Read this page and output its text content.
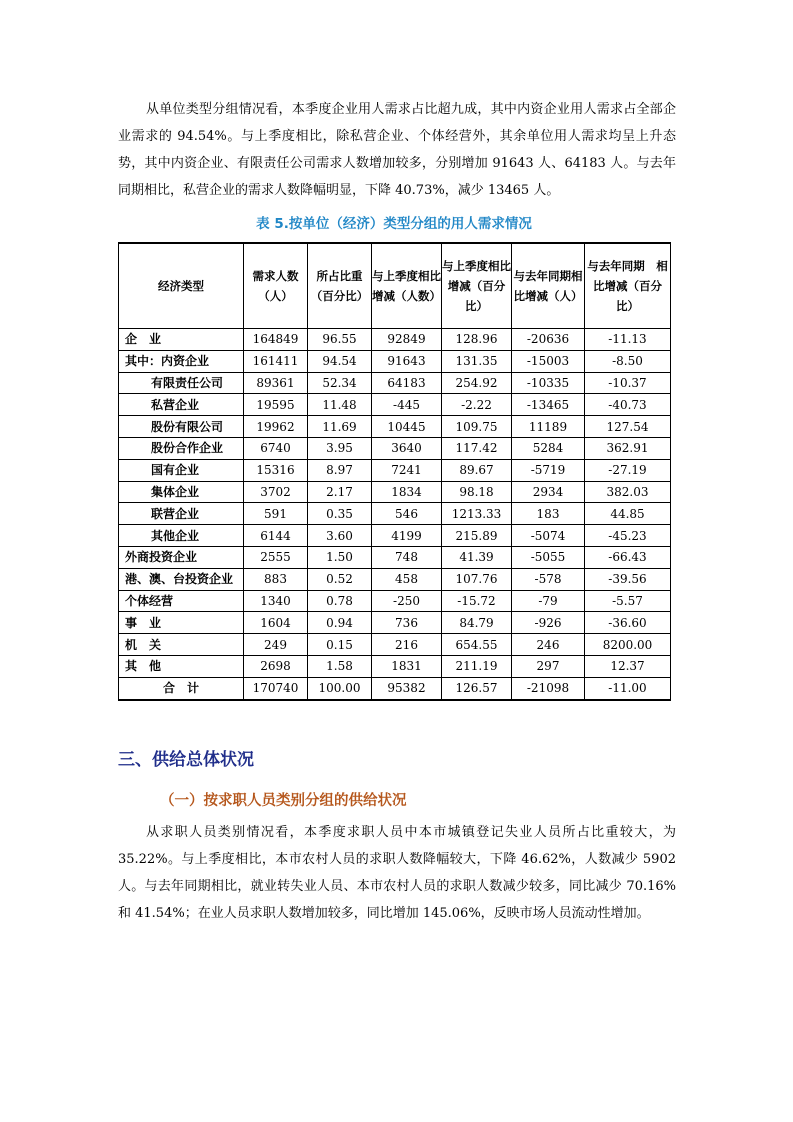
从单位类型分组情况看，本季度企业用人需求占比超九成，其中内资企业用人需求占全部企业需求的 94.54%。与上季度相比，除私营企业、个体经营外，其余单位用人需求均呈上升态势，其中内资企业、有限责任公司需求人数增加较多，分别增加 91643 人、64183 人。与去年同期相比，私营企业的需求人数降幅明显，下降 40.73%，减少 13465 人。

表 5.按单位（经济）类型分组的用人需求情况

经济类型	需求人数（人）	所占比重（百分比）	与上季度相比增减（人数）	与上季度相比增减（百分比）	与去年同期相比增减（人）	与去年同期　相比增减（百分比）
企　业	164849	96.55	92849	128.96	-20636	-11.13
其中：内资企业	161411	94.54	91643	131.35	-15003	-8.50
有限责任公司	89361	52.34	64183	254.92	-10335	-10.37
私营企业	19595	11.48	-445	-2.22	-13465	-40.73
股份有限公司	19962	11.69	10445	109.75	11189	127.54
股份合作企业	6740	3.95	3640	117.42	5284	362.91
国有企业	15316	8.97	7241	89.67	-5719	-27.19
集体企业	3702	2.17	1834	98.18	2934	382.03
联营企业	591	0.35	546	1213.33	183	44.85
其他企业	6144	3.60	4199	215.89	-5074	-45.23
外商投资企业	2555	1.50	748	41.39	-5055	-66.43
港、澳、台投资企业	883	0.52	458	107.76	-578	-39.56
个体经营	1340	0.78	-250	-15.72	-79	-5.57
事　业	1604	0.94	736	84.79	-926	-36.60
机　关	249	0.15	216	654.55	246	8200.00
其　他	2698	1.58	1831	211.19	297	12.37
合　计	170740	100.00	95382	126.57	-21098	-11.00
三、供给总体状况
（一）按求职人员类别分组的供给状况

从求职人员类别情况看，本季度求职人员中本市城镇登记失业人员所占比重较大，为 35.22%。与上季度相比，本市农村人员的求职人数降幅较大，下降 46.62%，人数减少 5902 人。与去年同期相比，就业转失业人员、本市农村人员的求职人数减少较多，同比减少 70.16%和 41.54%；在业人员求职人数增加较多，同比增加 145.06%，反映市场人员流动性增加。
